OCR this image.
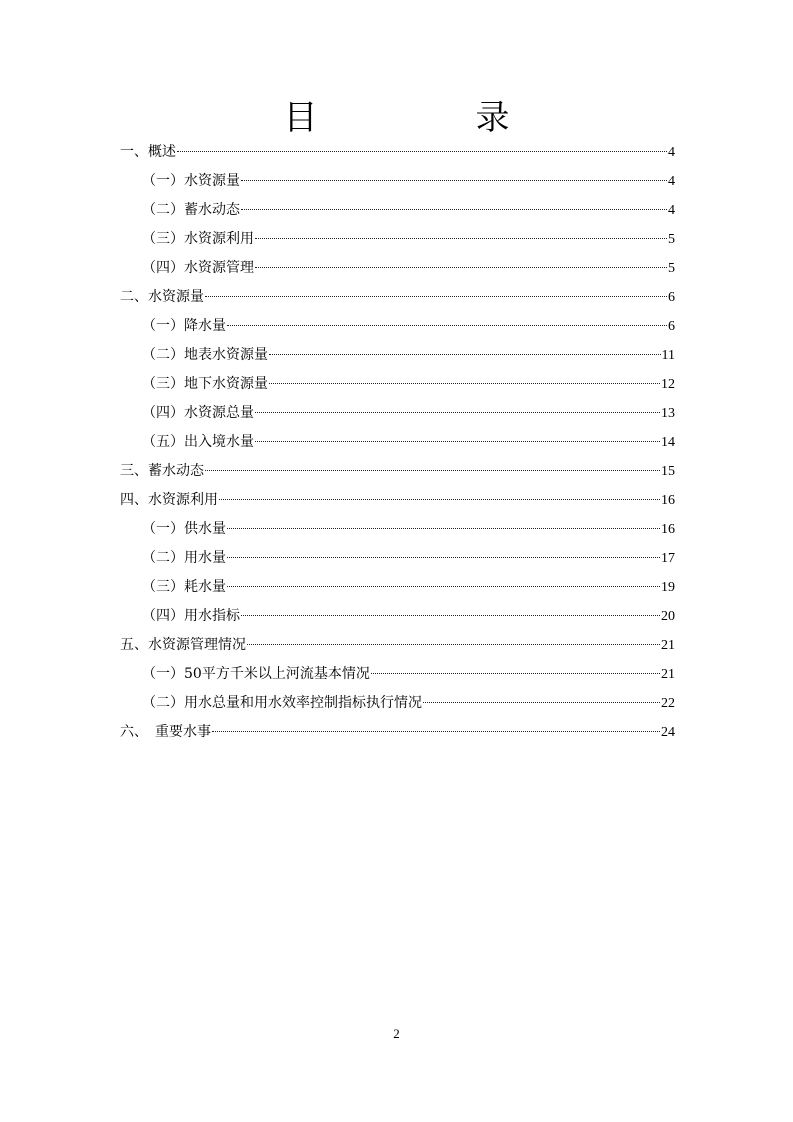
目　录
一、概述	4
（一）水资源量	4
（二）蓄水动态	4
（三）水资源利用	5
（四）水资源管理	5
二、水资源量	6
（一）降水量	6
（二）地表水资源量	11
（三）地下水资源量	12
（四）水资源总量	13
（五）出入境水量	14
三、蓄水动态	15
四、水资源利用	16
（一）供水量	16
（二）用水量	17
（三）耗水量	19
（四）用水指标	20
五、水资源管理情况	21
（一）50平方千米以上河流基本情况	21
（二）用水总量和用水效率控制指标执行情况	22
六、　重要水事	24
2
